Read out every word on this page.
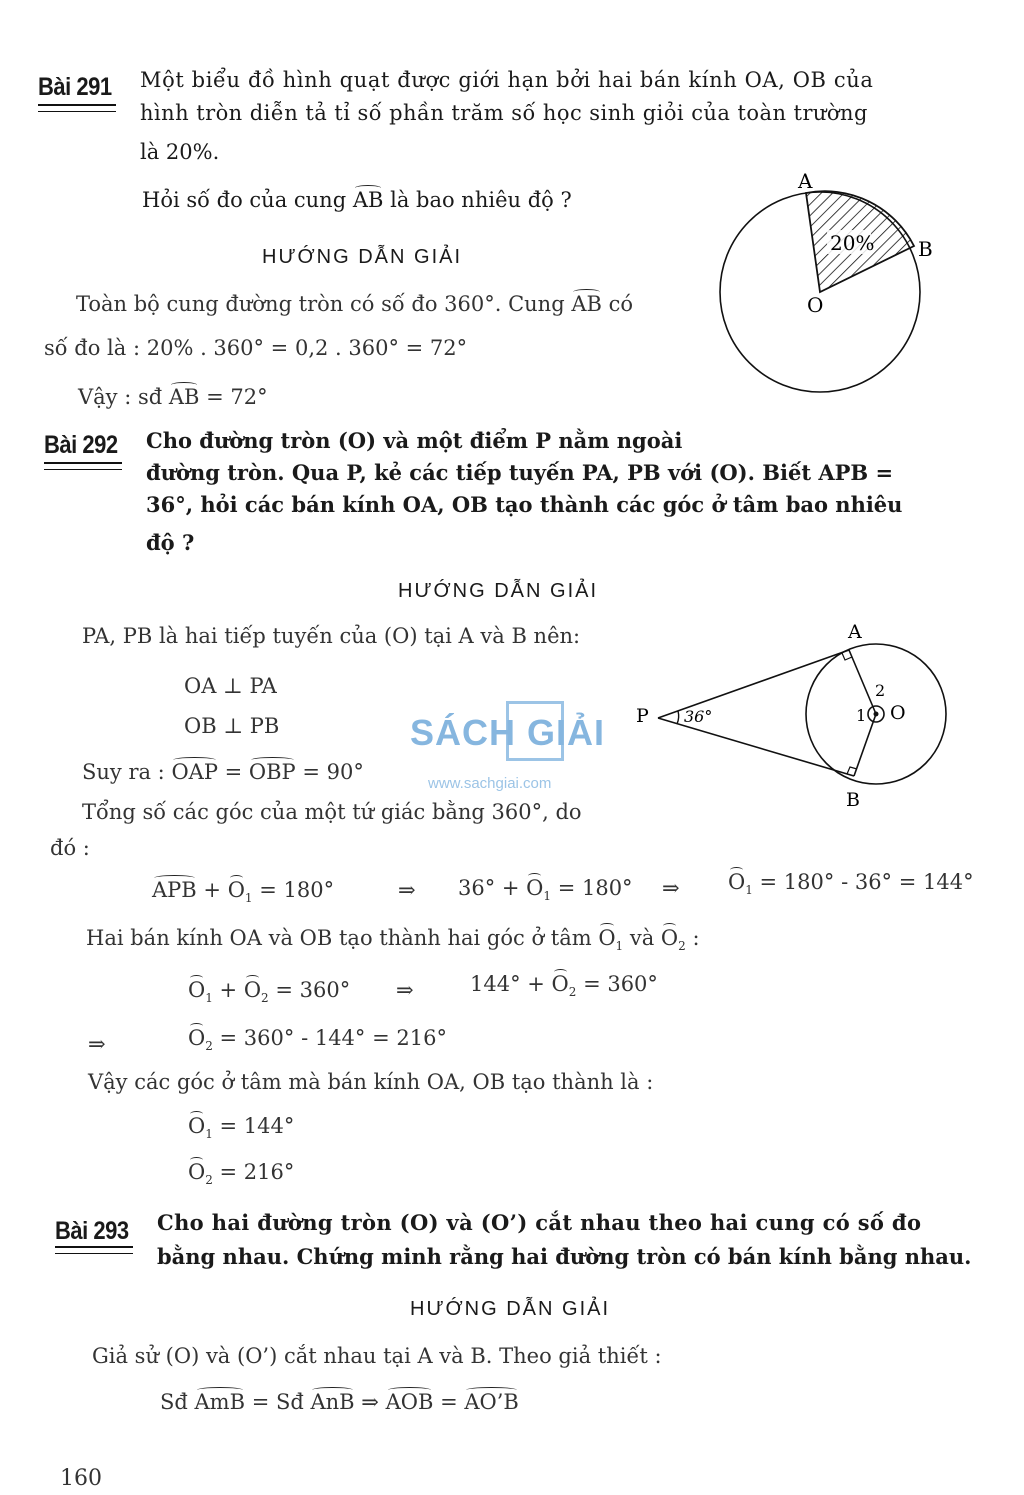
Bài 291 Một biểu đồ hình quạt được giới hạn bởi hai bán kính OA, OB của
hình tròn diễn tả tỉ số phần trăm số học sinh giỏi của toàn trường
là 20%.
Hỏi số đo của cung AB là bao nhiêu độ ?
HƯỚNG DẪN GIẢI
Toàn bộ cung đường tròn có số đo 360°. Cung AB có
số đo là : 20% . 360° = 0,2 . 360° = 72°
Vậy : sđ AB = 72°
20%
A
B
O
Bài 292 Cho đường tròn (O) và một điểm P nằm ngoài
đường tròn. Qua P, kẻ các tiếp tuyến PA, PB với (O). Biết APB =
36°, hỏi các bán kính OA, OB tạo thành các góc ở tâm bao nhiêu
độ ?
HƯỚNG DẪN GIẢI
PA, PB là hai tiếp tuyến của (O) tại A và B nên:
OA ⊥ PA
OB ⊥ PB
Suy ra : OAP = OBP = 90°
Tổng số các góc của một tứ giác bằng 360°, do
đó :
APB + $O_1 = 180^\circ$	⇒ $36^\circ + O_1 = 180^\circ$ ⇒ $O_1 = 180^\circ - 36^\circ = 144^\circ$
Hai bán kính OA và OB tạo thành hai góc ở tâm $O_1$ và $O_2$ :
$O_1 + O_2 = 360^\circ$ ⇒	$144^\circ + O_2 = 360^\circ$
⇒	$O_2 = 360^\circ - 144^\circ = 216^\circ$
Vậy các góc ở tâm mà bán kính OA, OB tạo thành là :
$O_1 = 144^\circ$
$O_2 = 216^\circ$
A
B
P	O
1
2
36°
SÁCH GIẢI
www.sachgiai.com
Bài 293 Cho hai đường tròn (O) và (O’) cắt nhau theo hai cung có số đo
bằng nhau. Chứng minh rằng hai đường tròn có bán kính bằng nhau.
HƯỚNG DẪN GIẢI
Giả sử (O) và (O’) cắt nhau tại A và B. Theo giả thiết :
Sđ AmB = Sđ AnB ⇒ AOB = AO’B
160
